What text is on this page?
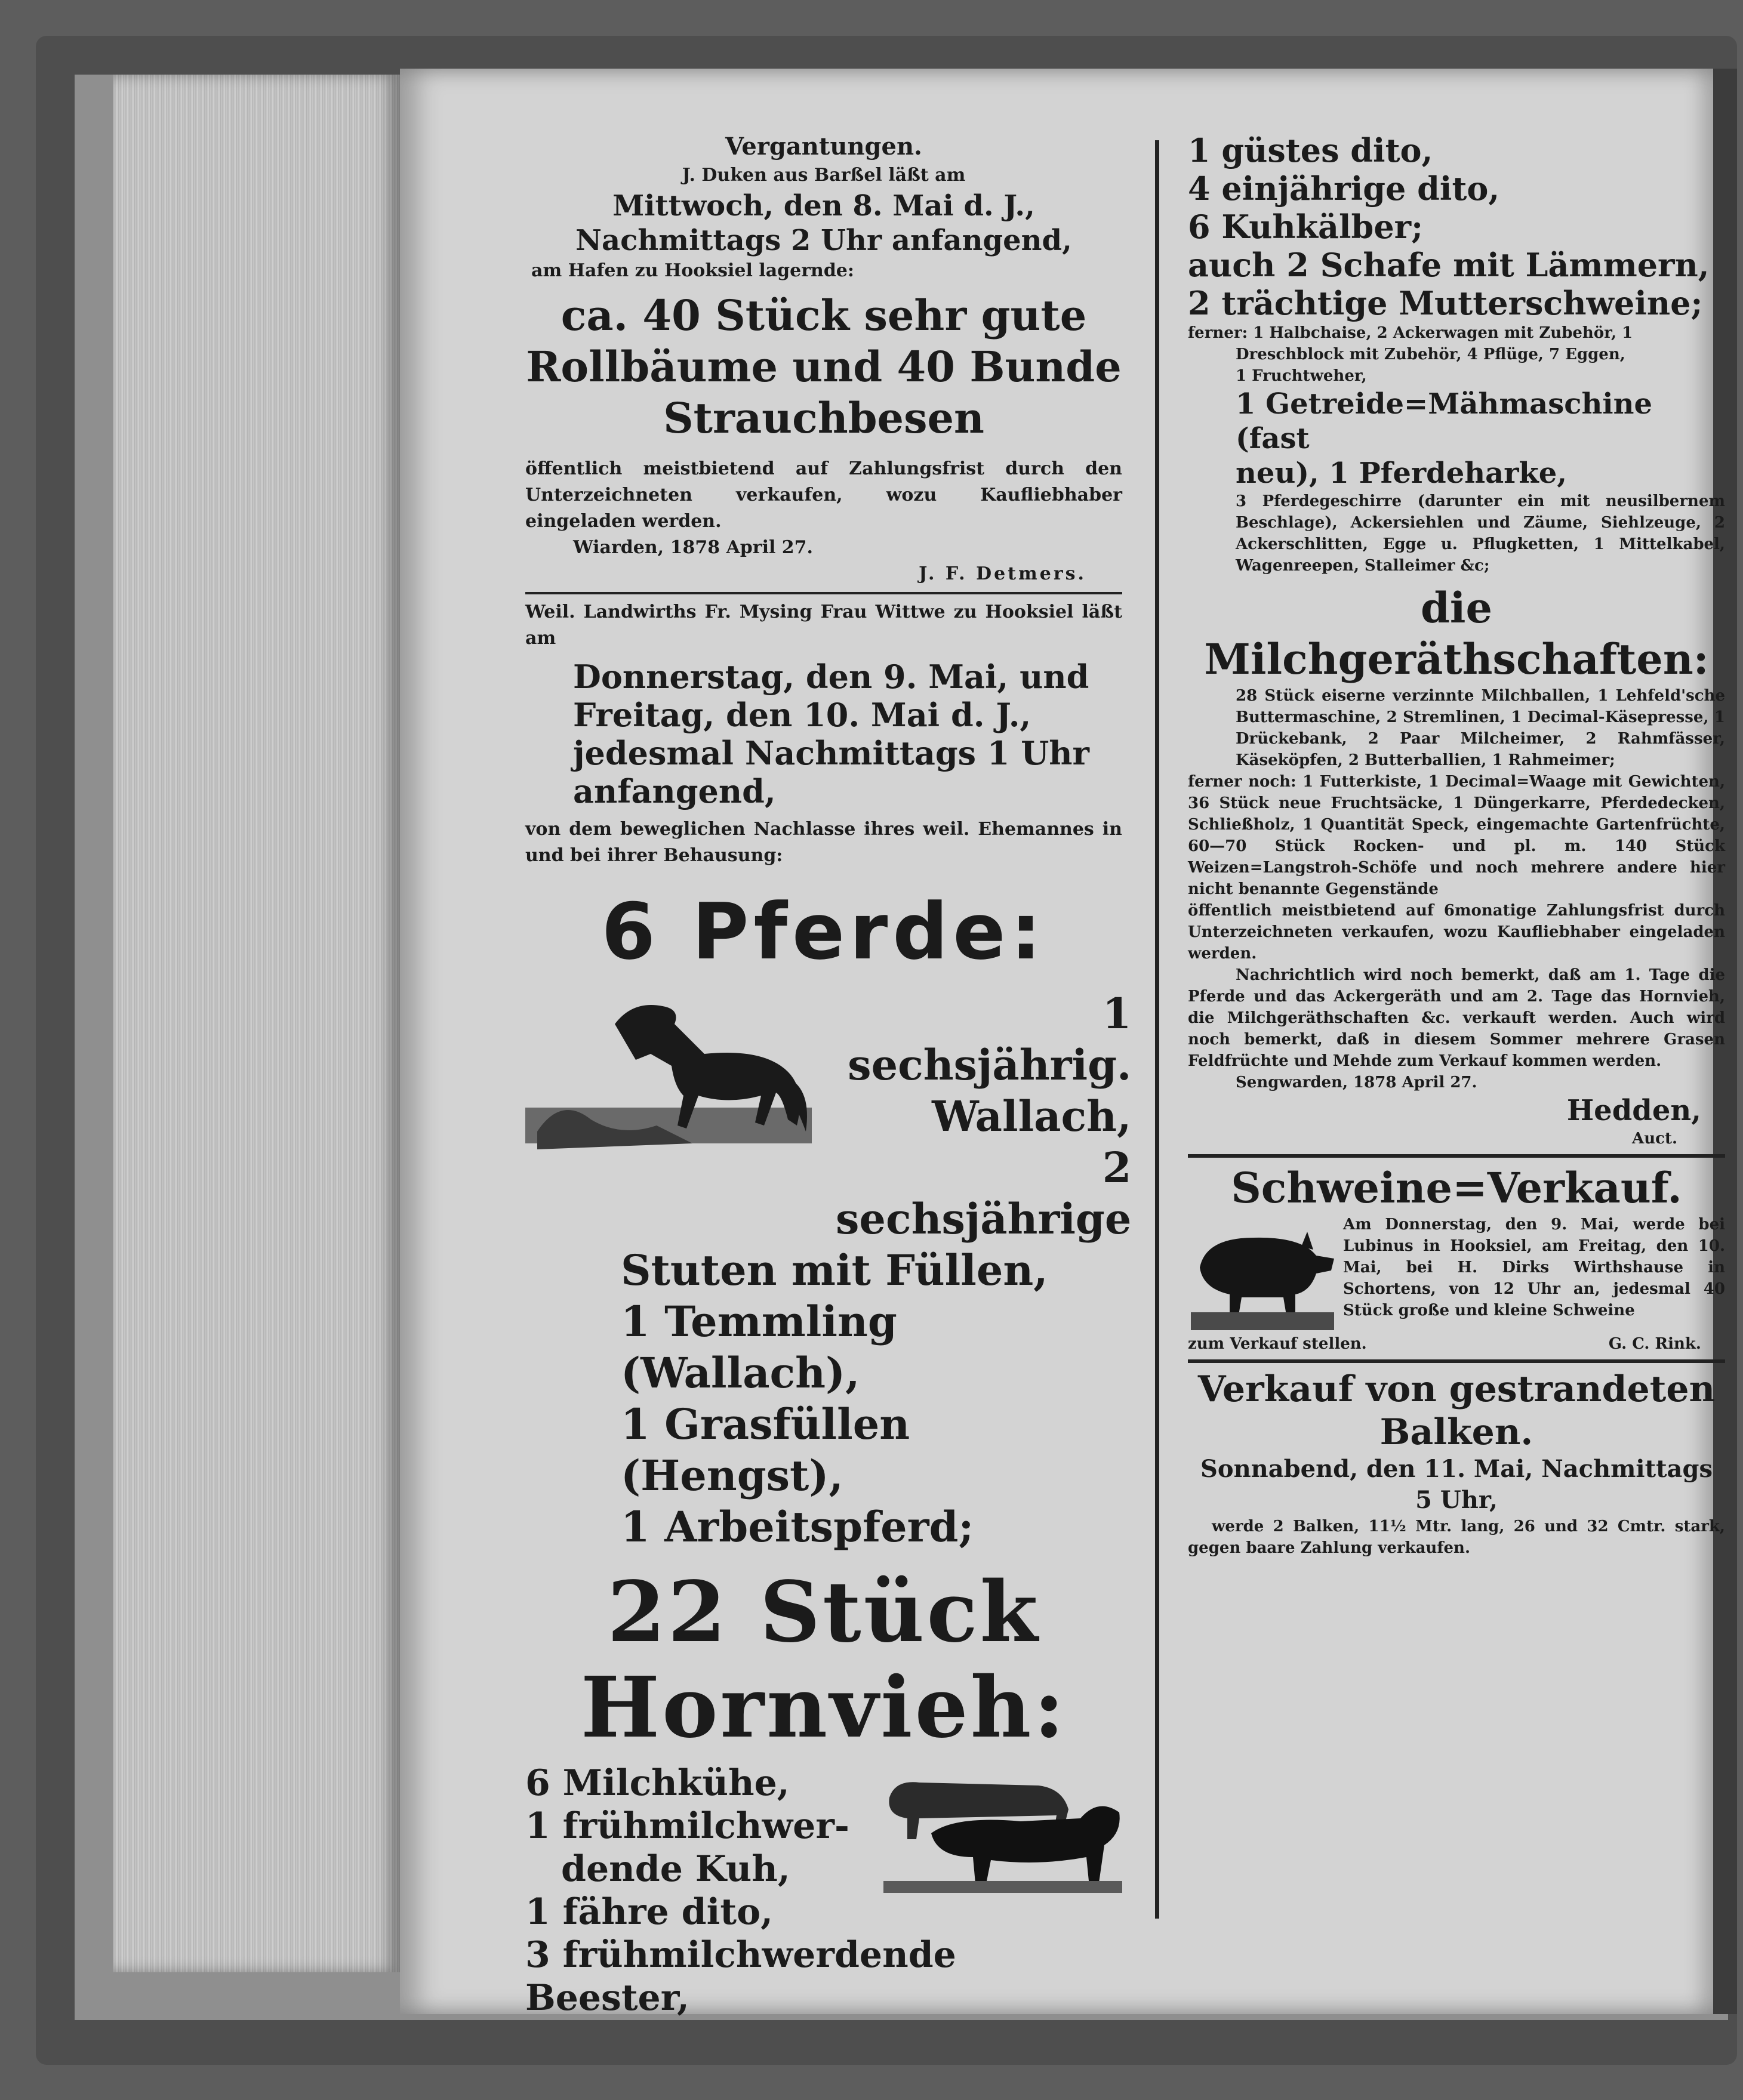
Vergantungen.
J. Duken aus Barßel läßt am
Mittwoch, den 8. Mai d. J.,
Nachmittags 2 Uhr anfangend,
am Hafen zu Hooksiel lagernde:
ca. 40 Stück sehr gute
Rollbäume und 40 Bunde
Strauchbesen
öffentlich meistbietend auf Zahlungsfrist durch den Unterzeichneten verkaufen, wozu Kaufliebhaber eingeladen werden.
Wiarden, 1878 April 27.
J. F. Detmers.
Weil. Landwirths Fr. Mysing Frau Wittwe zu Hooksiel läßt am
Donnerstag, den 9. Mai, und
Freitag, den 10. Mai d. J.,
jedesmal Nachmittags 1 Uhr
anfangend,
von dem beweglichen Nachlasse ihres weil. Ehemannes in und bei ihrer Behausung:
6 Pferde:
1 sechsjährig.
Wallach,
2 sechsjährige
Stuten mit Füllen,
1 Temmling (Wallach),
1 Grasfüllen (Hengst),
1 Arbeitspferd;
22 Stück
Hornvieh:
6 Milchkühe,
1 frühmilchwer-
dende Kuh,
1 fähre dito,
3 frühmilchwerdende Beester,
1 güstes dito,
4 einjährige dito,
6 Kuhkälber;
auch 2 Schafe mit Lämmern,
2 trächtige Mutterschweine;
ferner: 1 Halbchaise, 2 Ackerwagen mit Zubehör, 1
Dreschblock mit Zubehör, 4 Pflüge, 7 Eggen,
1 Fruchtweher,
1 Getreide=Mähmaschine (fast
neu), 1 Pferdeharke,
3 Pferdegeschirre (darunter ein mit neusilbernem Beschlage), Ackersiehlen und Zäume, Siehlzeuge, 2 Ackerschlitten, Egge u. Pflugketten, 1 Mittelkabel, Wagenreepen, Stalleimer &c;
die Milchgeräthschaften:
28 Stück eiserne verzinnte Milchballen, 1 Lehfeld'sche Buttermaschine, 2 Stremlinen, 1 Decimal-Käsepresse, 1 Drückebank, 2 Paar Milcheimer, 2 Rahmfässer, Käseköpfen, 2 Butterballien, 1 Rahmeimer;
ferner noch: 1 Futterkiste, 1 Decimal=Waage mit Gewichten, 36 Stück neue Fruchtsäcke, 1 Düngerkarre, Pferdedecken, Schließholz, 1 Quantität Speck, eingemachte Gartenfrüchte, 60—70 Stück Rocken- und pl. m. 140 Stück Weizen=Langstroh-Schöfe und noch mehrere andere hier nicht benannte Gegenstände
öffentlich meistbietend auf 6monatige Zahlungsfrist durch Unterzeichneten verkaufen, wozu Kaufliebhaber eingeladen werden.
Nachrichtlich wird noch bemerkt, daß am 1. Tage die Pferde und das Ackergeräth und am 2. Tage das Hornvieh, die Milchgeräthschaften &c. verkauft werden. Auch wird noch bemerkt, daß in diesem Sommer mehrere Grasen Feldfrüchte und Mehde zum Verkauf kommen werden.
Sengwarden, 1878 April 27.
Hedden,
Auct.
Schweine=Verkauf.
Am Donnerstag, den 9. Mai, werde bei Lubinus in Hooksiel, am Freitag, den 10. Mai, bei H. Dirks Wirthshause in Schortens, von 12 Uhr an, jedesmal 40 Stück große und kleine Schweine
zum Verkauf stellen.	G. C. Rink.
Verkauf von gestrandeten
Balken.
Sonnabend, den 11. Mai, Nachmittags
5 Uhr,
werde 2 Balken, 11½ Mtr. lang, 26 und 32 Cmtr. stark, gegen baare Zahlung verkaufen.
